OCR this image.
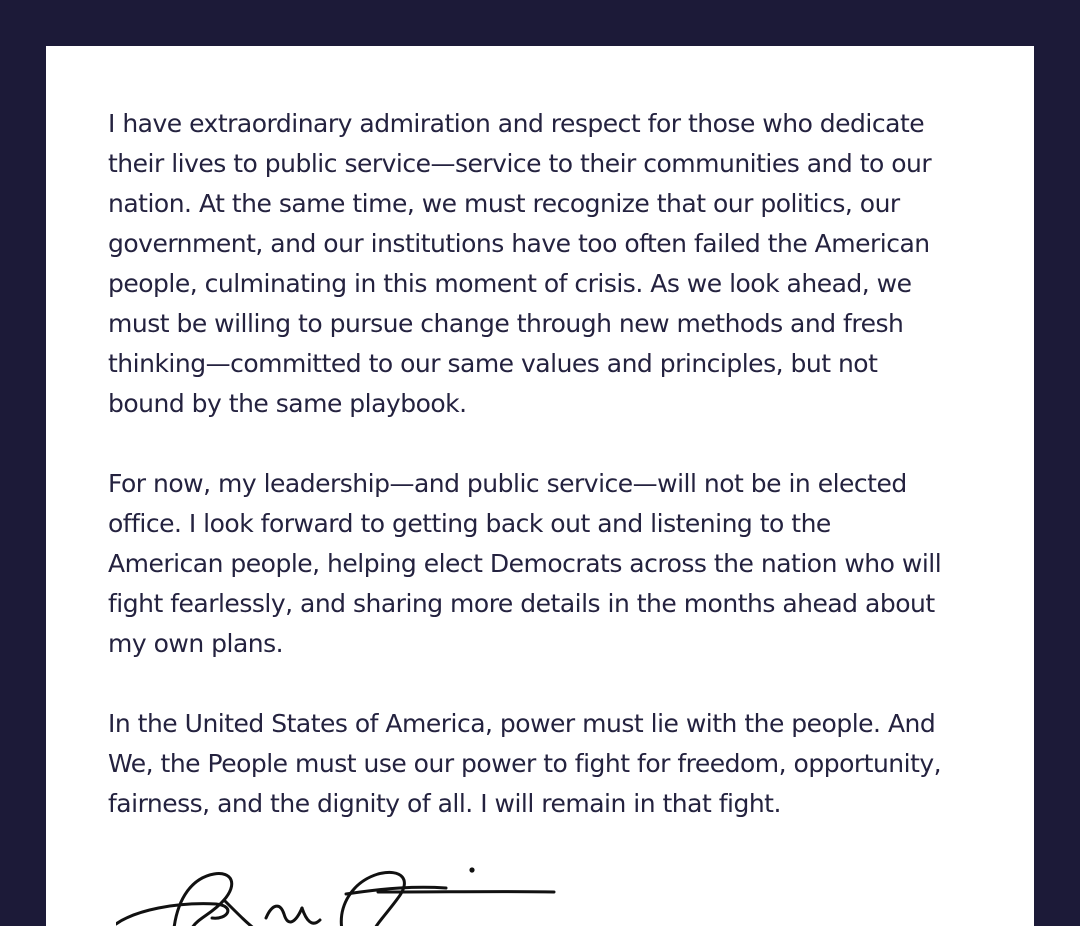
I have extraordinary admiration and respect for those who dedicate
their lives to public service—service to their communities and to our
nation. At the same time, we must recognize that our politics, our
government, and our institutions have too often failed the American
people, culminating in this moment of crisis. As we look ahead, we
must be willing to pursue change through new methods and fresh
thinking—committed to our same values and principles, but not
bound by the same playbook.

For now, my leadership—and public service—will not be in elected
office. I look forward to getting back out and listening to the
American people, helping elect Democrats across the nation who will
fight fearlessly, and sharing more details in the months ahead about
my own plans.

In the United States of America, power must lie with the people. And
We, the People must use our power to fight for freedom, opportunity,
fairness, and the dignity of all. I will remain in that fight.
